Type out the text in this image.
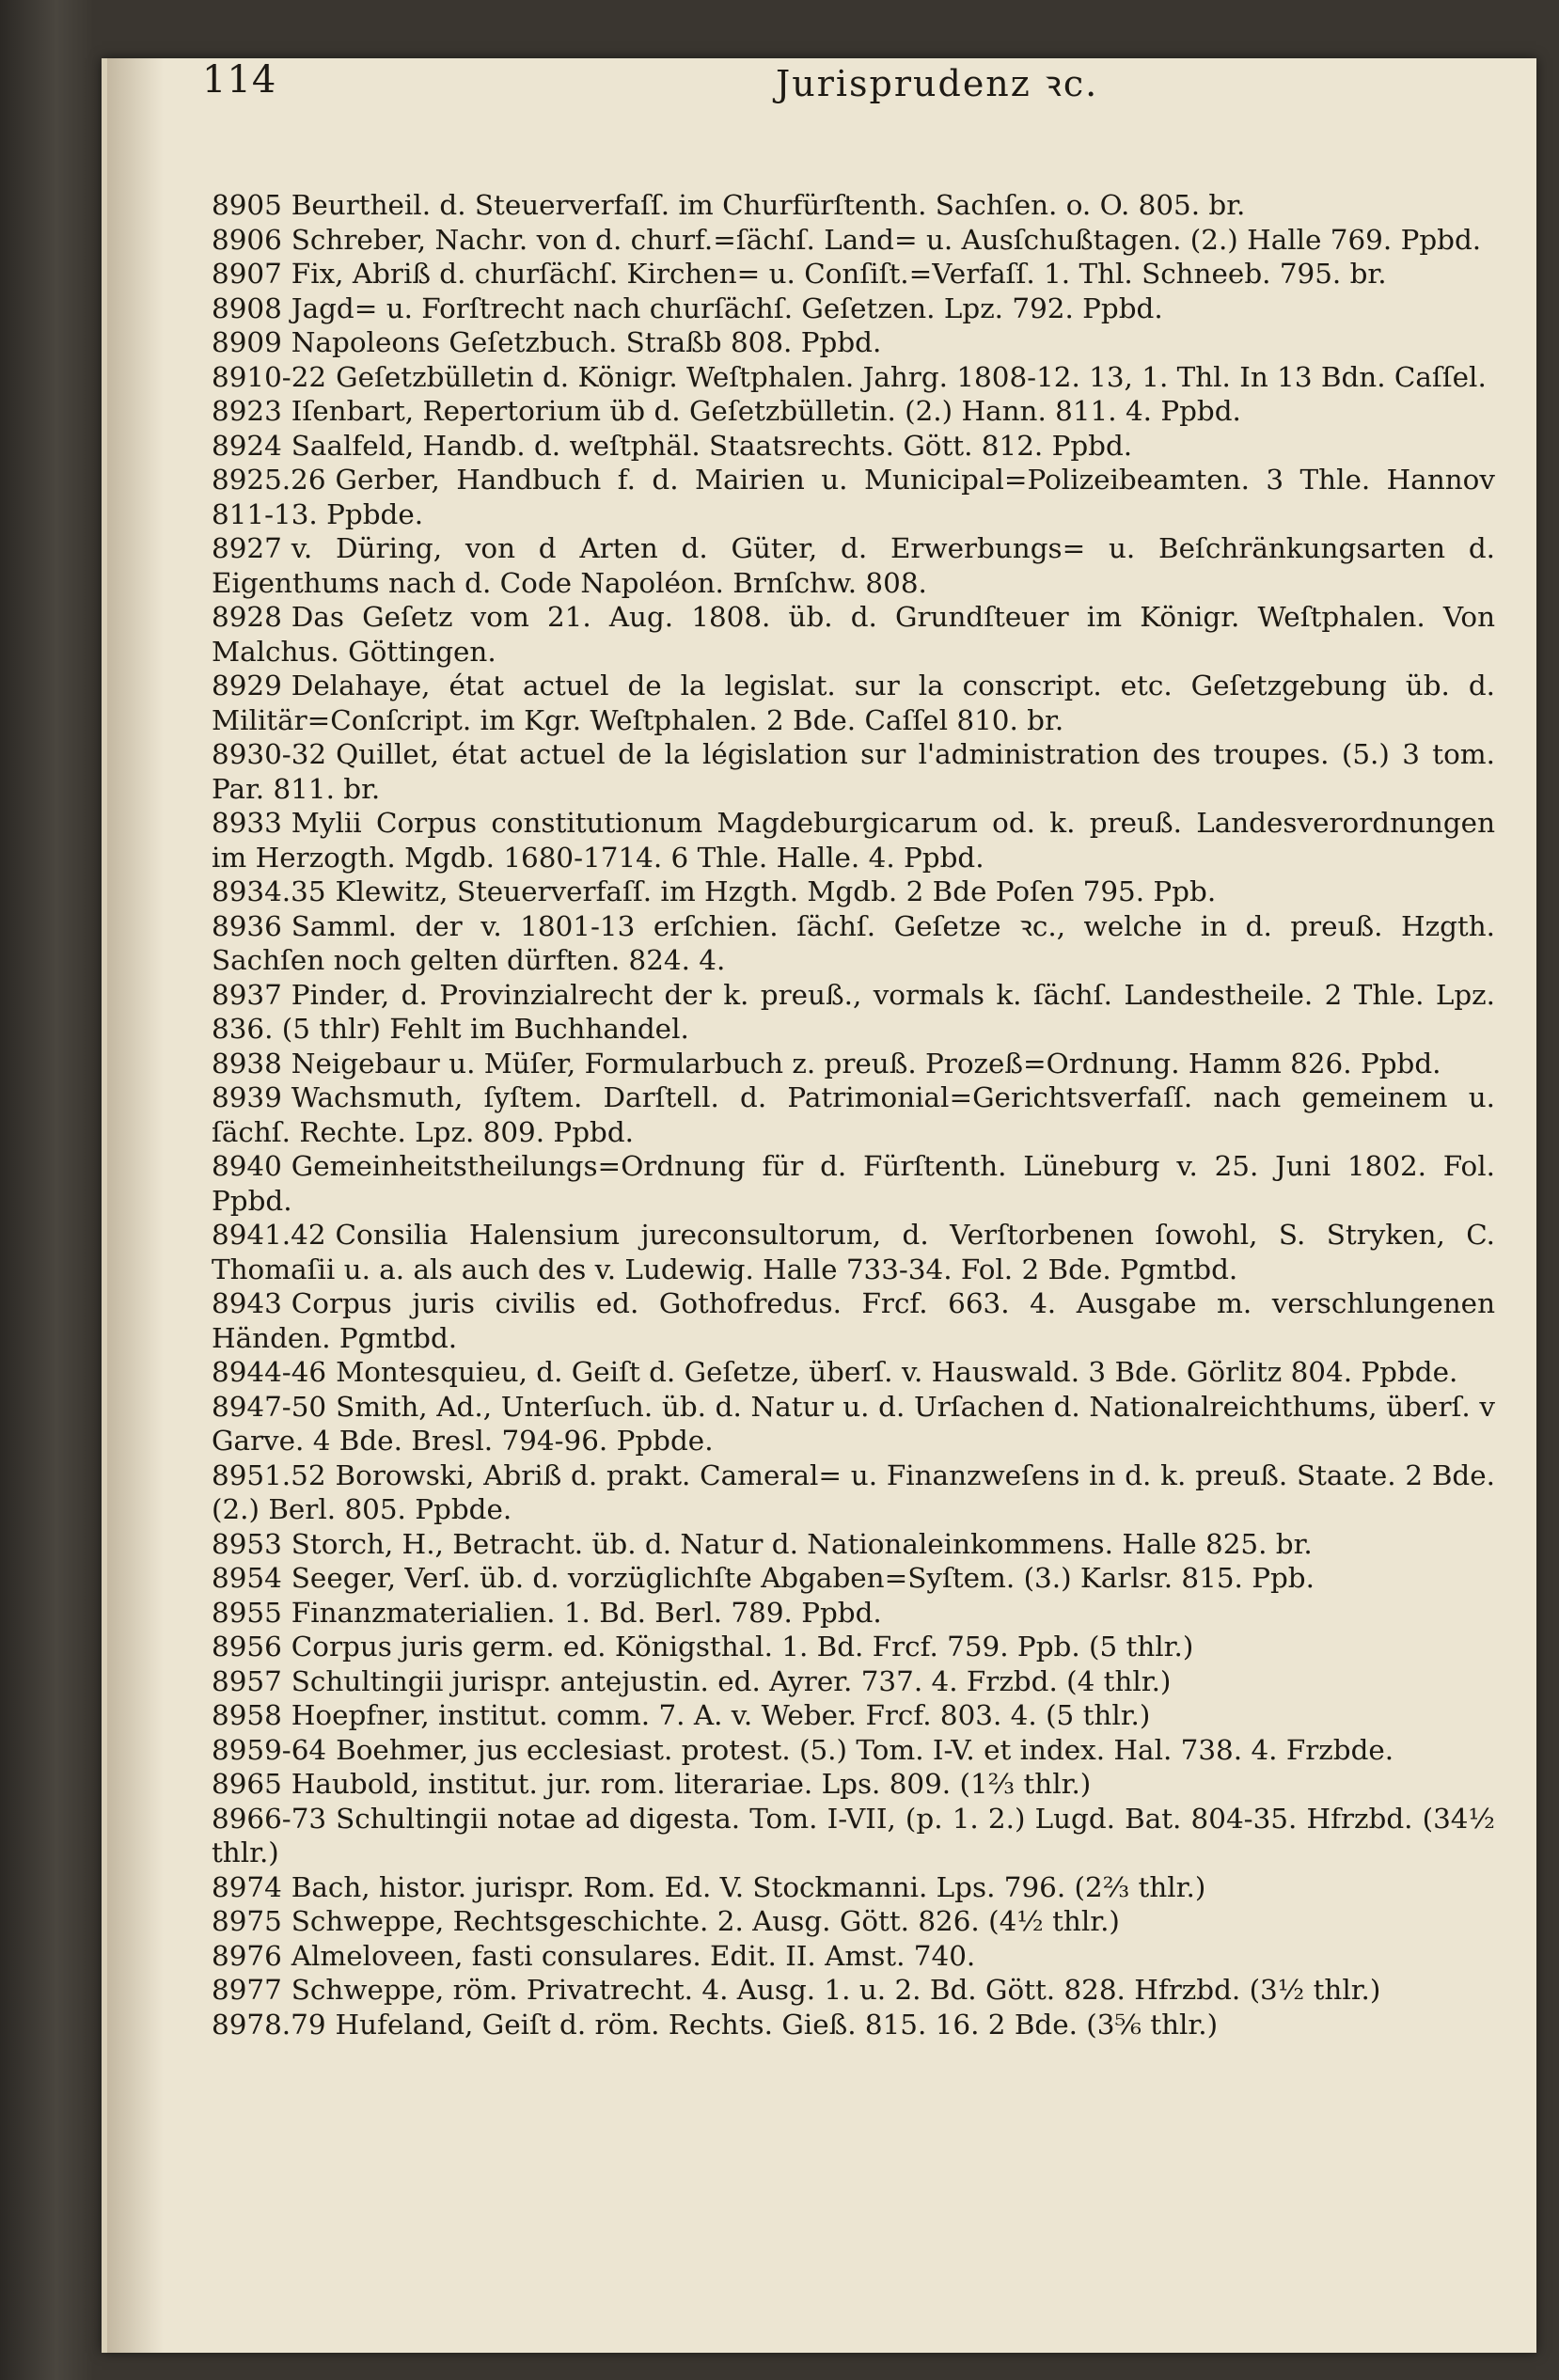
114	Jurisprudenz ꝛc.

8905 Beurtheil. d. Steuerverfaſſ. im Churfürſtenth. Sachſen. o. O. 805. br.

8906 Schreber, Nachr. von d. churf.=ſächſ. Land= u. Ausſchußtagen. (2.) Halle 769. Ppbd.

8907 Fix, Abriß d. churſächſ. Kirchen= u. Conſiſt.=Verfaſſ. 1. Thl. Schneeb. 795. br.

8908 Jagd= u. Forſtrecht nach churſächſ. Geſetzen. Lpz. 792. Ppbd.

8909 Napoleons Geſetzbuch. Straßb 808. Ppbd.

8910-22 Geſetzbülletin d. Königr. Weſtphalen. Jahrg. 1808-12. 13, 1. Thl. In 13 Bdn. Caſſel.

8923 Iſenbart, Repertorium üb d. Geſetzbülletin. (2.) Hann. 811. 4. Ppbd.

8924 Saalfeld, Handb. d. weſtphäl. Staatsrechts. Gött. 812. Ppbd.

8925.26 Gerber, Handbuch f. d. Mairien u. Municipal=Polizeibeamten. 3 Thle. Hannov 811-13. Ppbde.

8927 v. Düring, von d Arten d. Güter, d. Erwerbungs= u. Beſchränkungsarten d. Eigenthums nach d. Code Napoléon. Brnſchw. 808.

8928 Das Geſetz vom 21. Aug. 1808. üb. d. Grundſteuer im Königr. Weſtphalen. Von Malchus. Göttingen.

8929 Delahaye, état actuel de la legislat. sur la conscript. etc. Geſetzgebung üb. d. Militär=Conſcript. im Kgr. Weſtphalen. 2 Bde. Caſſel 810. br.

8930-32 Quillet, état actuel de la législation sur l'administration des troupes. (5.) 3 tom. Par. 811. br.

8933 Mylii Corpus constitutionum Magdeburgicarum od. k. preuß. Landesverordnungen im Herzogth. Mgdb. 1680-1714. 6 Thle. Halle. 4. Ppbd.

8934.35 Klewitz, Steuerverfaſſ. im Hzgth. Mgdb. 2 Bde Poſen 795. Ppb.

8936 Samml. der v. 1801-13 erſchien. ſächſ. Geſetze ꝛc., welche in d. preuß. Hzgth. Sachſen noch gelten dürften. 824. 4.

8937 Pinder, d. Provinzialrecht der k. preuß., vormals k. ſächſ. Landestheile. 2 Thle. Lpz. 836. (5 thlr) Fehlt im Buchhandel.

8938 Neigebaur u. Müſer, Formularbuch z. preuß. Prozeß=Ordnung. Hamm 826. Ppbd.

8939 Wachsmuth, ſyſtem. Darſtell. d. Patrimonial=Gerichtsverfaſſ. nach gemeinem u. ſächſ. Rechte. Lpz. 809. Ppbd.

8940 Gemeinheitstheilungs=Ordnung für d. Fürſtenth. Lüneburg v. 25. Juni 1802. Fol. Ppbd.

8941.42 Consilia Halensium jureconsultorum, d. Verſtorbenen ſowohl, S. Stryken, C. Thomaſii u. a. als auch des v. Ludewig. Halle 733-34. Fol. 2 Bde. Pgmtbd.

8943 Corpus juris civilis ed. Gothofredus. Frcf. 663. 4. Ausgabe m. verschlungenen Händen. Pgmtbd.

8944-46 Montesquieu, d. Geiſt d. Geſetze, überſ. v. Hauswald. 3 Bde. Görlitz 804. Ppbde.

8947-50 Smith, Ad., Unterſuch. üb. d. Natur u. d. Urſachen d. Nationalreichthums, überſ. v Garve. 4 Bde. Bresl. 794-96. Ppbde.

8951.52 Borowski, Abriß d. prakt. Cameral= u. Finanzweſens in d. k. preuß. Staate. 2 Bde. (2.) Berl. 805. Ppbde.

8953 Storch, H., Betracht. üb. d. Natur d. Nationaleinkommens. Halle 825. br.

8954 Seeger, Verſ. üb. d. vorzüglichſte Abgaben=Syſtem. (3.) Karlsr. 815. Ppb.

8955 Finanzmaterialien. 1. Bd. Berl. 789. Ppbd.

8956 Corpus juris germ. ed. Königsthal. 1. Bd. Frcf. 759. Ppb. (5 thlr.)

8957 Schultingii jurispr. antejustin. ed. Ayrer. 737. 4. Frzbd. (4 thlr.)

8958 Hoepfner, institut. comm. 7. A. v. Weber. Frcf. 803. 4. (5 thlr.)

8959-64 Boehmer, jus ecclesiast. protest. (5.) Tom. I-V. et index. Hal. 738. 4. Frzbde.

8965 Haubold, institut. jur. rom. literariae. Lps. 809. (1⅔ thlr.)

8966-73 Schultingii notae ad digesta. Tom. I-VII, (p. 1. 2.) Lugd. Bat. 804-35. Hfrzbd. (34½ thlr.)

8974 Bach, histor. jurispr. Rom. Ed. V. Stockmanni. Lps. 796. (2⅔ thlr.)

8975 Schweppe, Rechtsgeschichte. 2. Ausg. Gött. 826. (4½ thlr.)

8976 Almeloveen, fasti consulares. Edit. II. Amst. 740.

8977 Schweppe, röm. Privatrecht. 4. Ausg. 1. u. 2. Bd. Gött. 828. Hfrzbd. (3½ thlr.)

8978.79 Hufeland, Geiſt d. röm. Rechts. Gieß. 815. 16. 2 Bde. (3⅚ thlr.)
